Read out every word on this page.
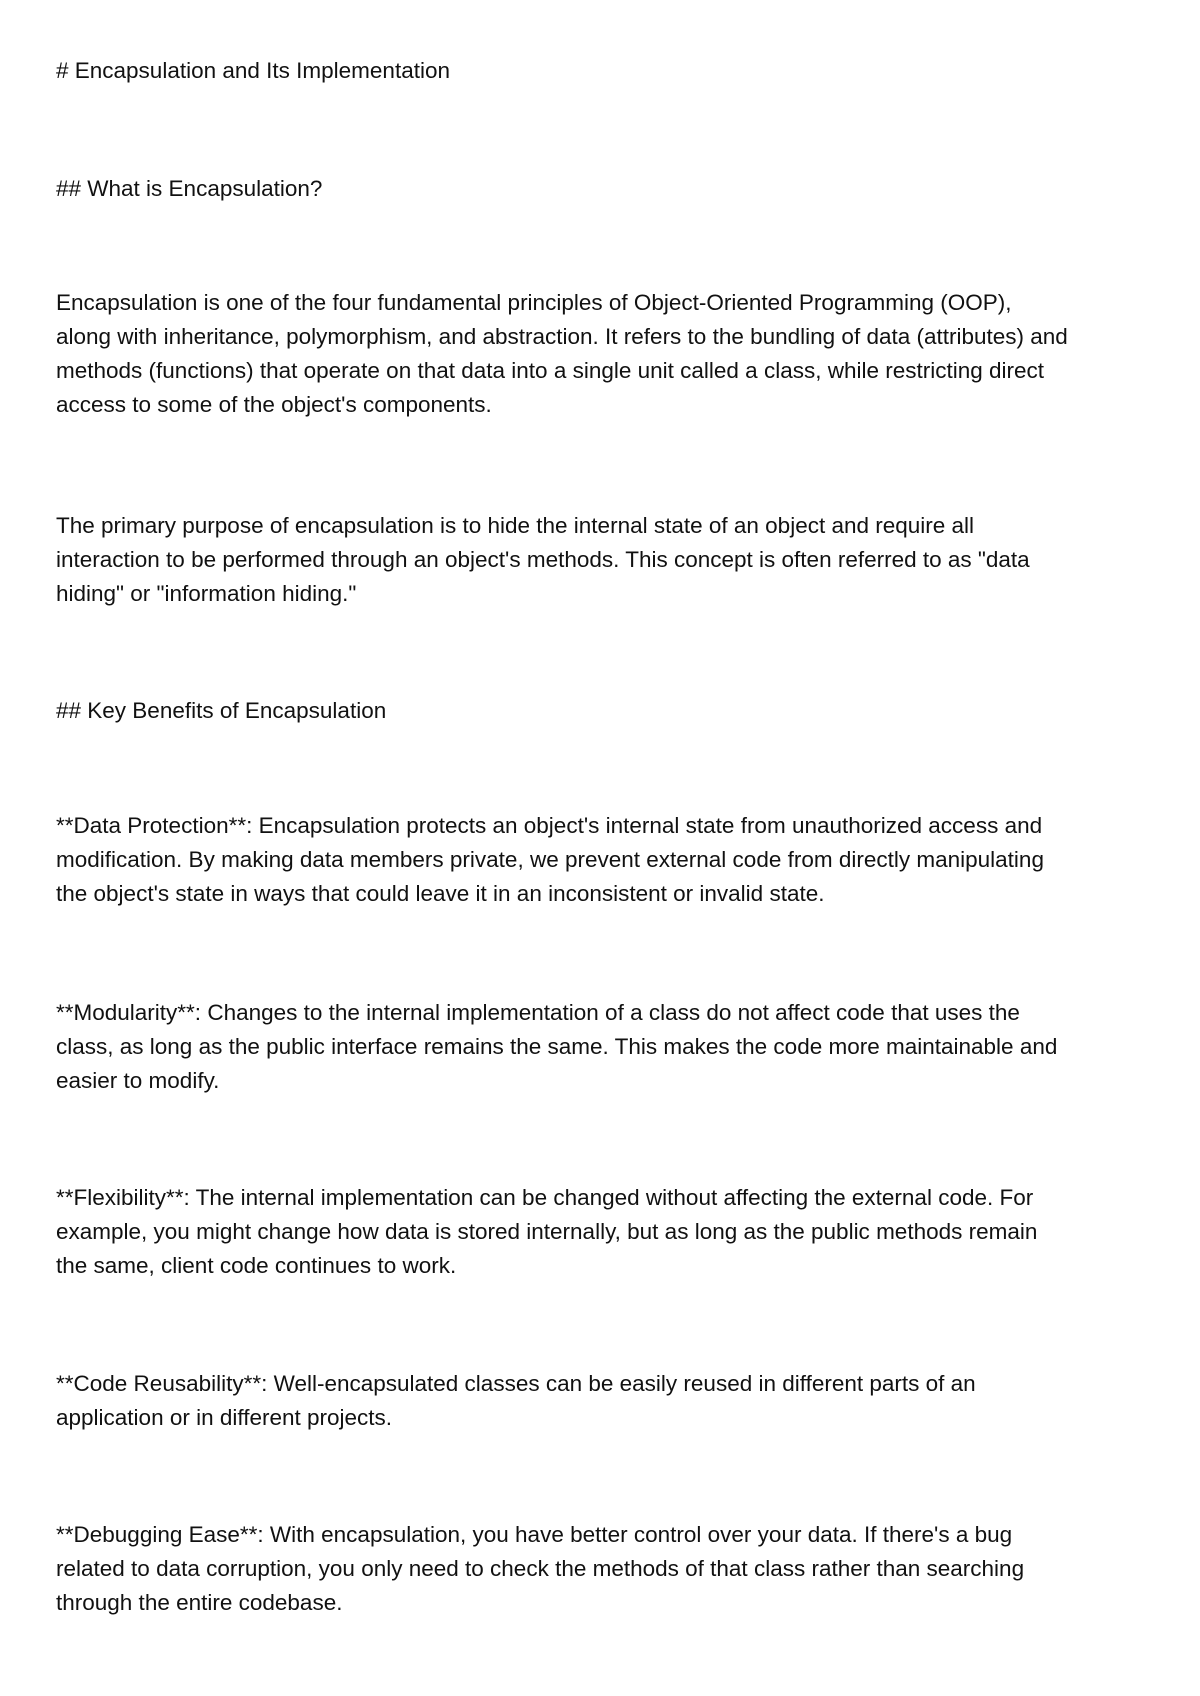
# Encapsulation and Its Implementation
## What is Encapsulation?
Encapsulation is one of the four fundamental principles of Object-Oriented Programming (OOP),
along with inheritance, polymorphism, and abstraction. It refers to the bundling of data (attributes) and
methods (functions) that operate on that data into a single unit called a class, while restricting direct
access to some of the object's components.
The primary purpose of encapsulation is to hide the internal state of an object and require all
interaction to be performed through an object's methods. This concept is often referred to as "data
hiding" or "information hiding."
## Key Benefits of Encapsulation
**Data Protection**: Encapsulation protects an object's internal state from unauthorized access and
modification. By making data members private, we prevent external code from directly manipulating
the object's state in ways that could leave it in an inconsistent or invalid state.
**Modularity**: Changes to the internal implementation of a class do not affect code that uses the
class, as long as the public interface remains the same. This makes the code more maintainable and
easier to modify.
**Flexibility**: The internal implementation can be changed without affecting the external code. For
example, you might change how data is stored internally, but as long as the public methods remain
the same, client code continues to work.
**Code Reusability**: Well-encapsulated classes can be easily reused in different parts of an
application or in different projects.
**Debugging Ease**: With encapsulation, you have better control over your data. If there's a bug
related to data corruption, you only need to check the methods of that class rather than searching
through the entire codebase.
